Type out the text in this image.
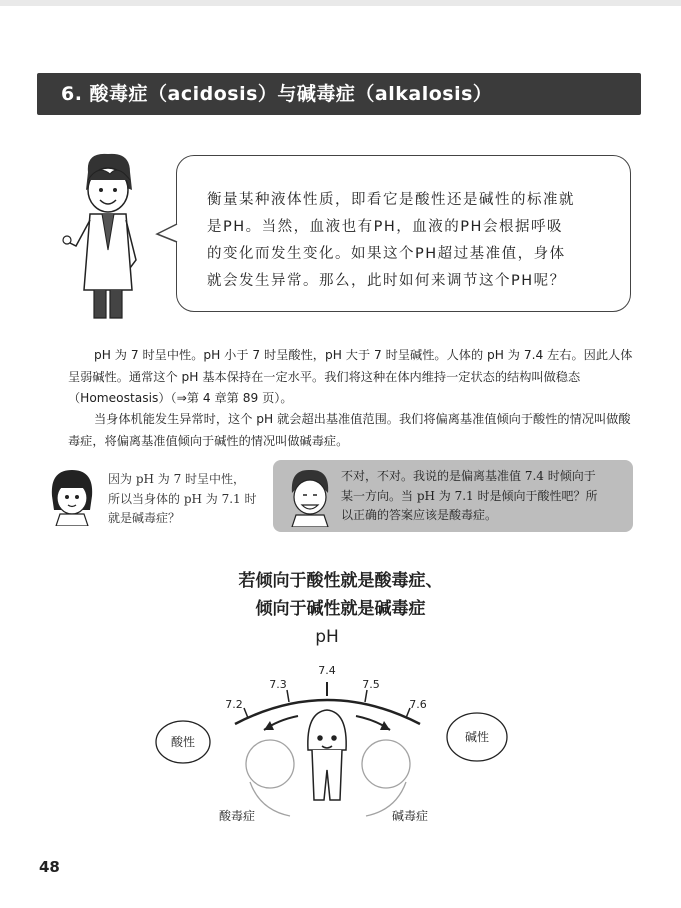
6. 酸毒症（acidosis）与碱毒症（alkalosis）
衡量某种液体性质，即看它是酸性还是碱性的标准就
是PH。当然，血液也有PH，血液的PH会根据呼吸
的变化而发生变化。如果这个PH超过基准值，身体
就会发生异常。那么，此时如何来调节这个PH呢？

pH 为 7 时呈中性。pH 小于 7 时呈酸性，pH 大于 7 时呈碱性。人体的 pH 为 7.4 左右。因此人体呈弱碱性。通常这个 pH 基本保持在一定水平。我们将这种在体内维持一定状态的结构叫做稳态（Homeostasis）（⇒第 4 章第 89 页）。

当身体机能发生异常时，这个 pH 就会超出基准值范围。我们将偏离基准值倾向于酸性的情况叫做酸毒症，将偏离基准值倾向于碱性的情况叫做碱毒症。

因为 pH 为 7 时呈中性，
所以当身体的 pH 为 7.1 时
就是碱毒症？
不对，不对。我说的是偏离基准值 7.4 时倾向于
某一方向。当 pH 为 7.1 时是倾向于酸性吧？所
以正确的答案应该是酸毒症。
若倾向于酸性就是酸毒症、
倾向于碱性就是碱毒症
pH
7.2
7.3
7.4
7.5
7.6
酸性	碱性
酸毒症	碱毒症
48
